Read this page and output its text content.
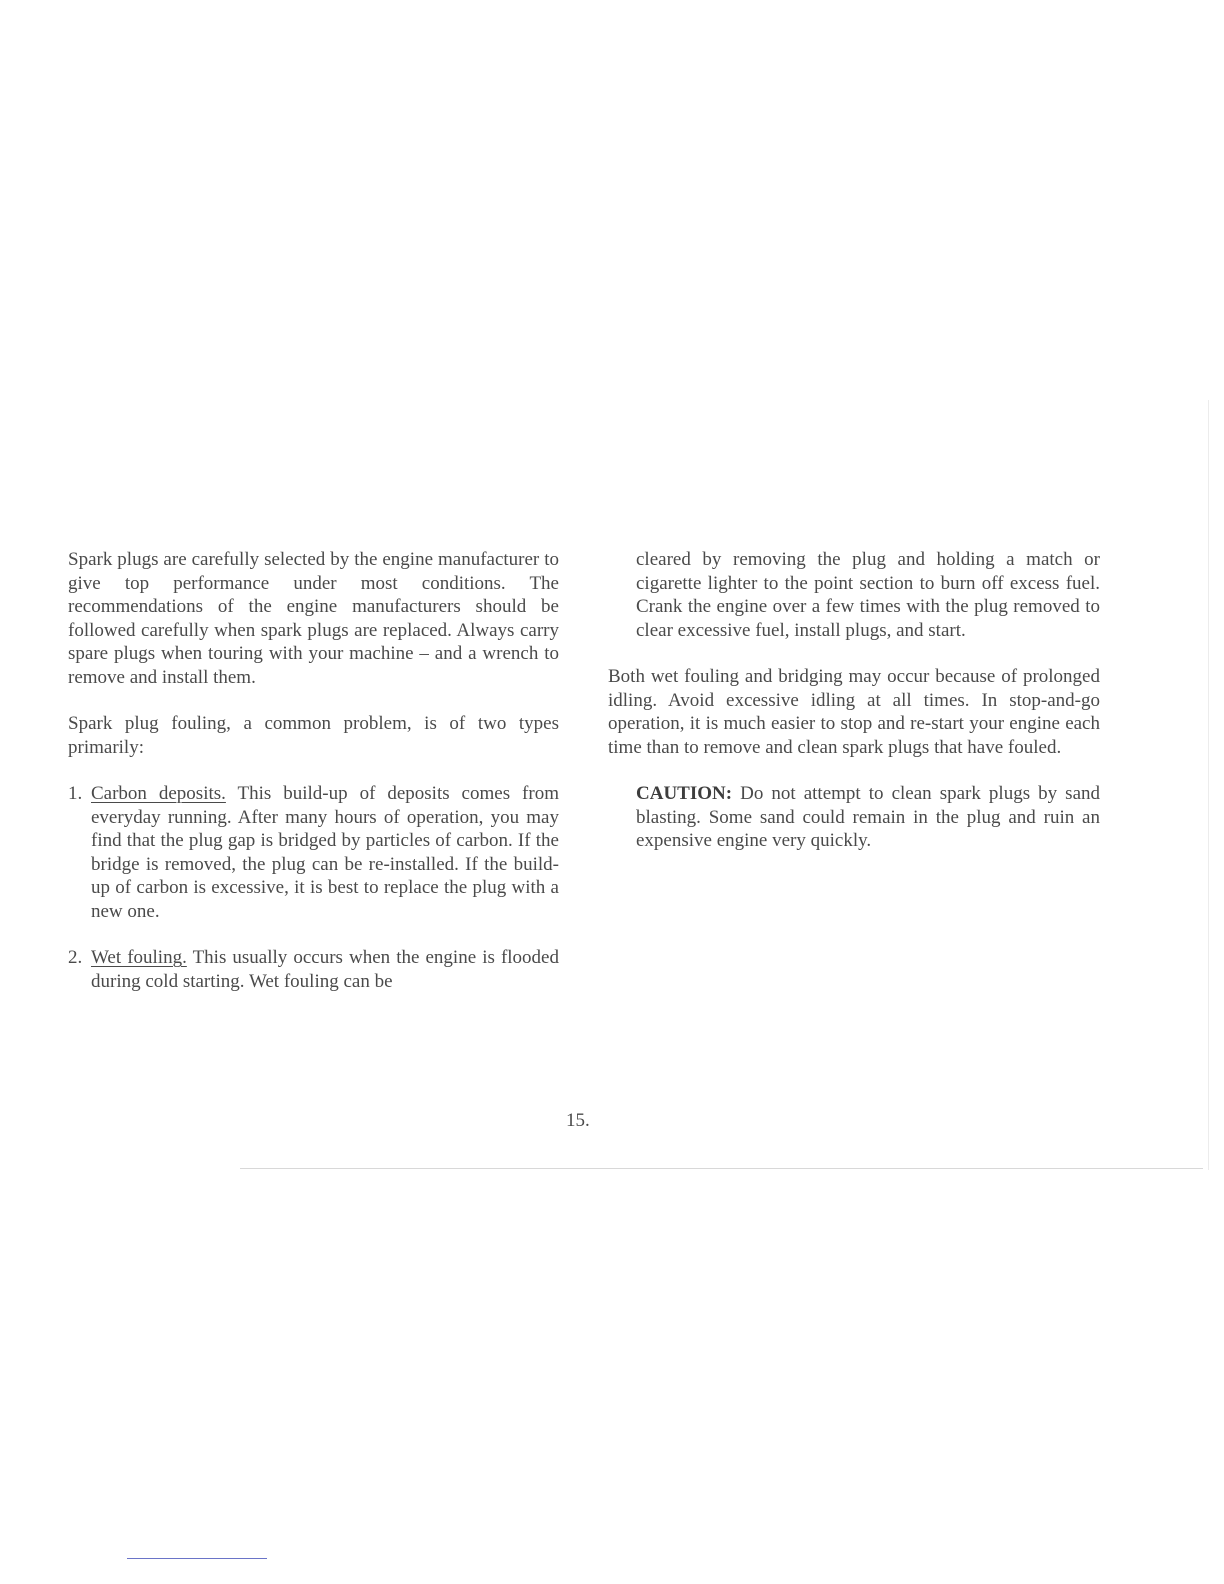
Spark plugs are carefully selected by the engine manufacturer to give top performance under most conditions. The recommendations of the engine manufacturers should be followed carefully when spark plugs are replaced. Always carry spare plugs when touring with your machine – and a wrench to remove and install them.

Spark plug fouling, a common problem, is of two types primarily:

1. Carbon deposits. This build-up of deposits comes from everyday running. After many hours of operation, you may find that the plug gap is bridged by particles of carbon. If the bridge is removed, the plug can be re-installed. If the build-up of carbon is excessive, it is best to replace the plug with a new one.
2. Wet fouling. This usually occurs when the engine is flooded during cold starting. Wet fouling can be

cleared by removing the plug and holding a match or cigarette lighter to the point section to burn off excess fuel. Crank the engine over a few times with the plug removed to clear excessive fuel, install plugs, and start.

Both wet fouling and bridging may occur because of prolonged idling. Avoid excessive idling at all times. In stop-and-go operation, it is much easier to stop and re-start your engine each time than to remove and clean spark plugs that have fouled.

CAUTION: Do not attempt to clean spark plugs by sand blasting. Some sand could remain in the plug and ruin an expensive engine very quickly.

15.
